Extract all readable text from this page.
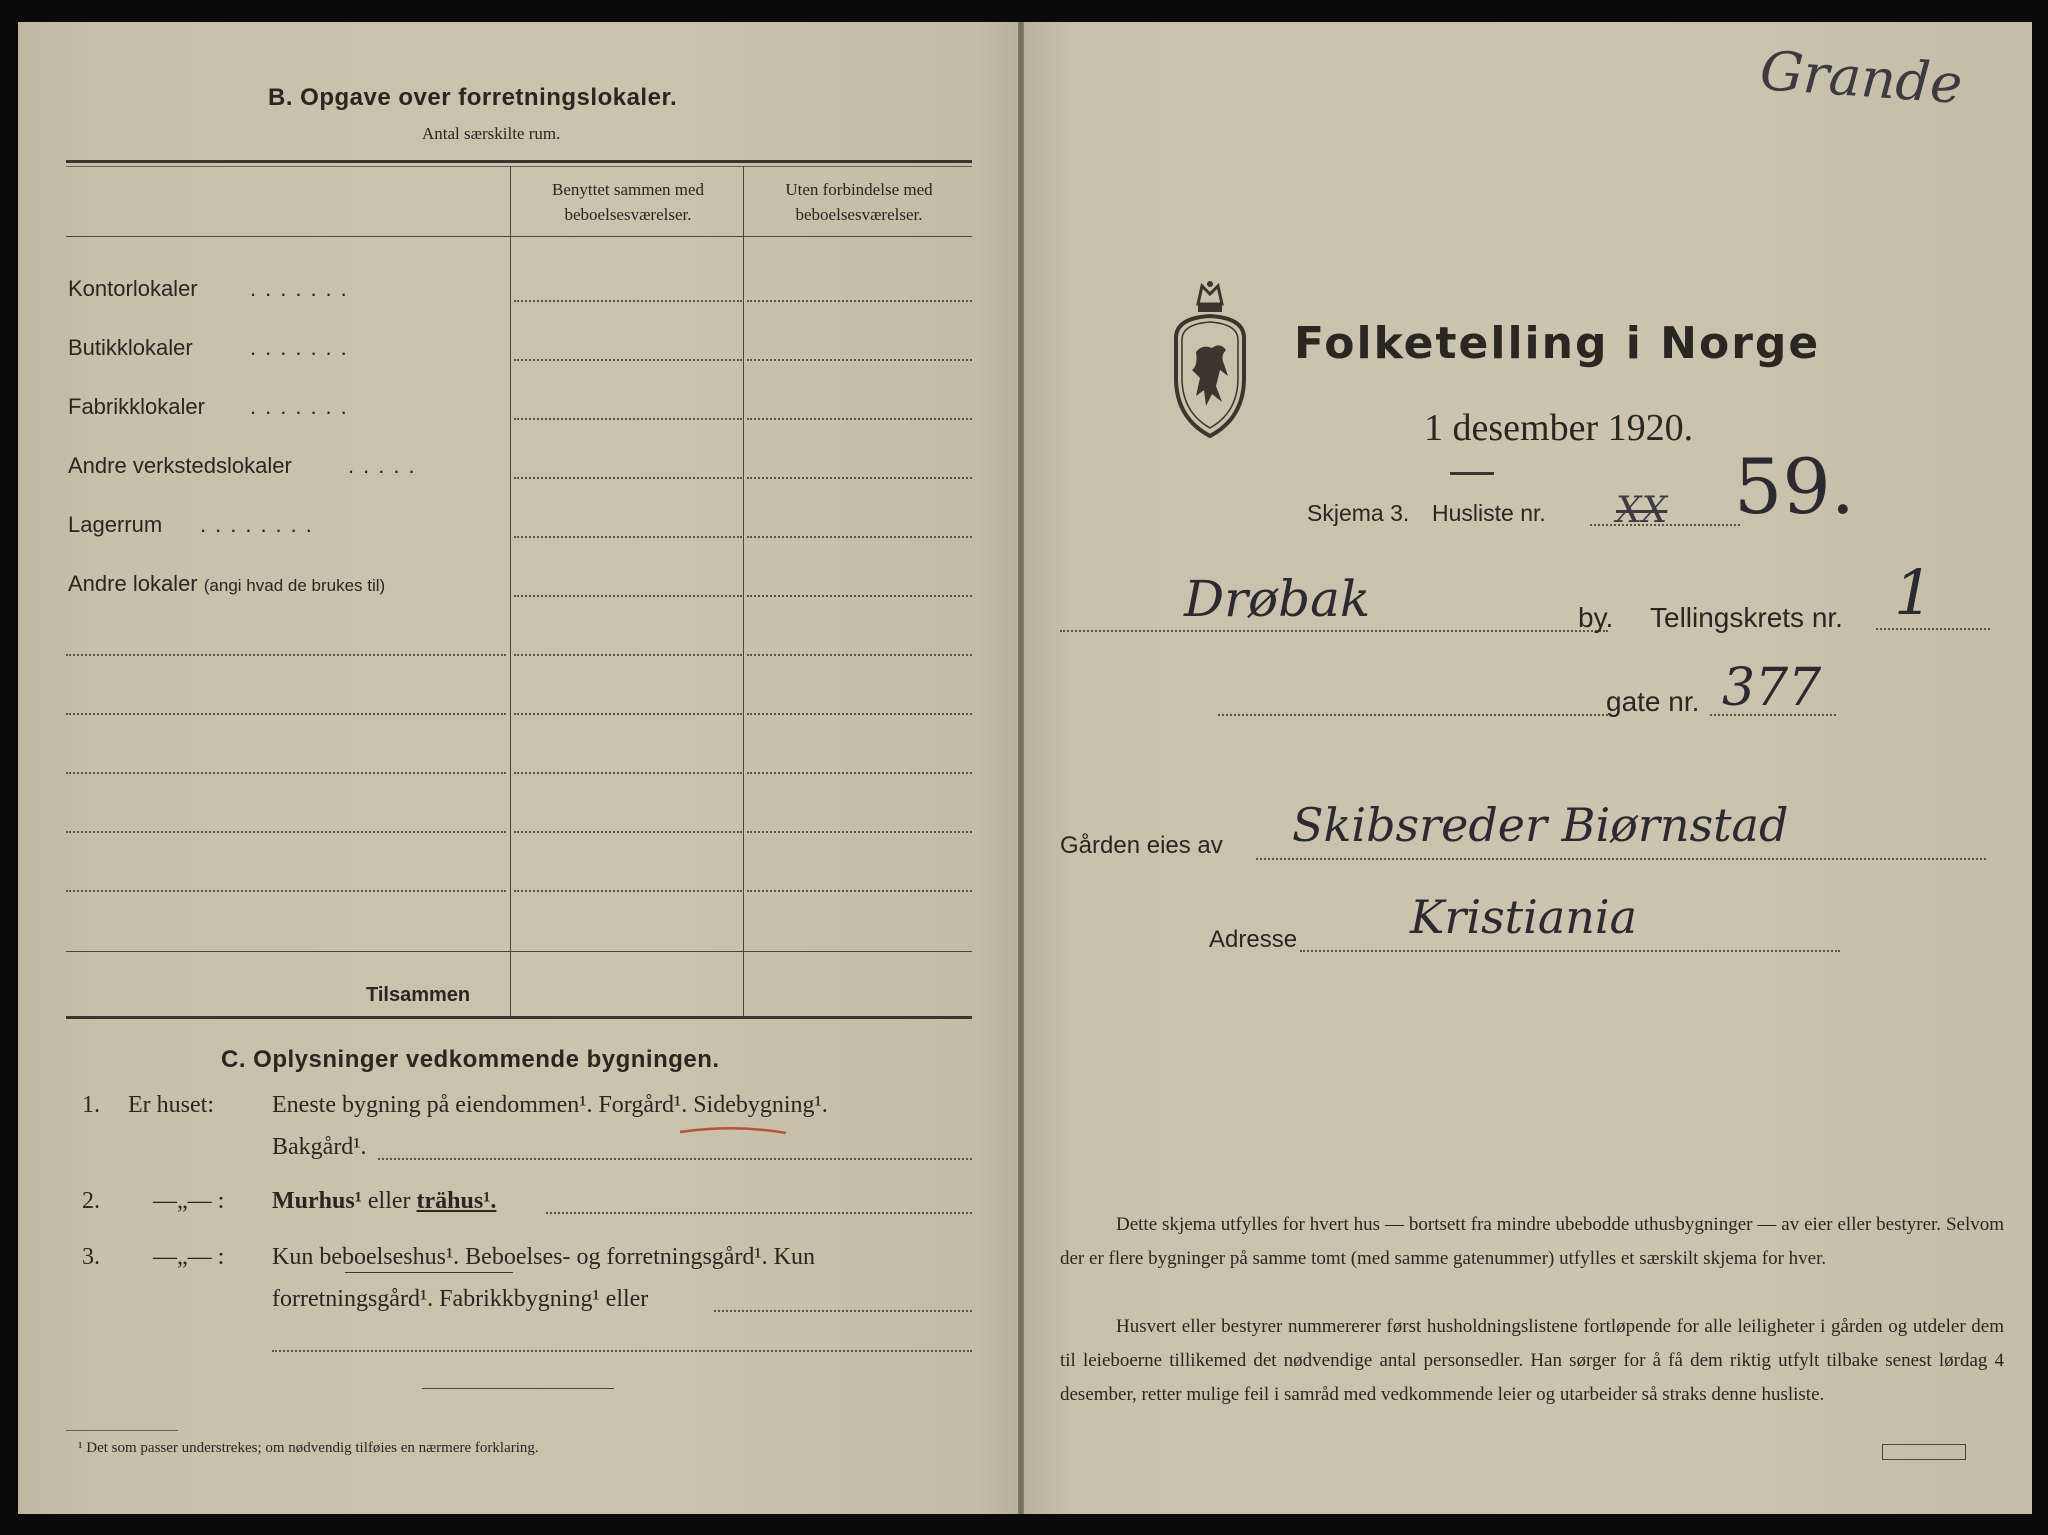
B. Opgave over forretningslokaler.
Antal særskilte rum.
Benyttet sammen med
beboelsesværelser.
Uten forbindelse med
beboelsesværelser.
Kontorlokaler .......
Butikklokaler	.......
Fabrikklokaler .......
Andre verkstedslokaler	.....
Lagerrum ........
Andre lokaler (angi hvad de brukes til)
Tilsammen
C. Oplysninger vedkommende bygningen.
1. Er huset: Eneste bygning på eiendommen¹. Forgård¹. Sidebygning¹.
Bakgård¹.
2. —„— : Murhus¹ eller trähus¹.
3. —„— : Kun beboelseshus¹. Beboelses- og forretningsgård¹. Kun
forretningsgård¹. Fabrikkbygning¹ eller
¹ Det som passer understrekes; om nødvendig tilføies en nærmere forklaring.
Grande
Folketelling i Norge
1 desember 1920.
Skjema 3. Husliste nr. XX 59.
Drøbak	by. Tellingskrets nr. 1
gate nr. 377
Gården eies av Skibsreder Biørnstad
Adresse Kristiania
Dette skjema utfylles for hvert hus — bortsett fra mindre ubebodde uthusbygninger — av eier eller bestyrer. Selvom der er flere bygninger på samme tomt (med samme gatenummer) utfylles et særskilt skjema for hver.
Husvert eller bestyrer nummererer først husholdningslistene fortløpende for alle leiligheter i gården og utdeler dem til leieboerne tillikemed det nødvendige antal personsedler. Han sørger for å få dem riktig utfylt tilbake senest lørdag 4 desember, retter mulige feil i samråd med vedkommende leier og utarbeider så straks denne husliste.
